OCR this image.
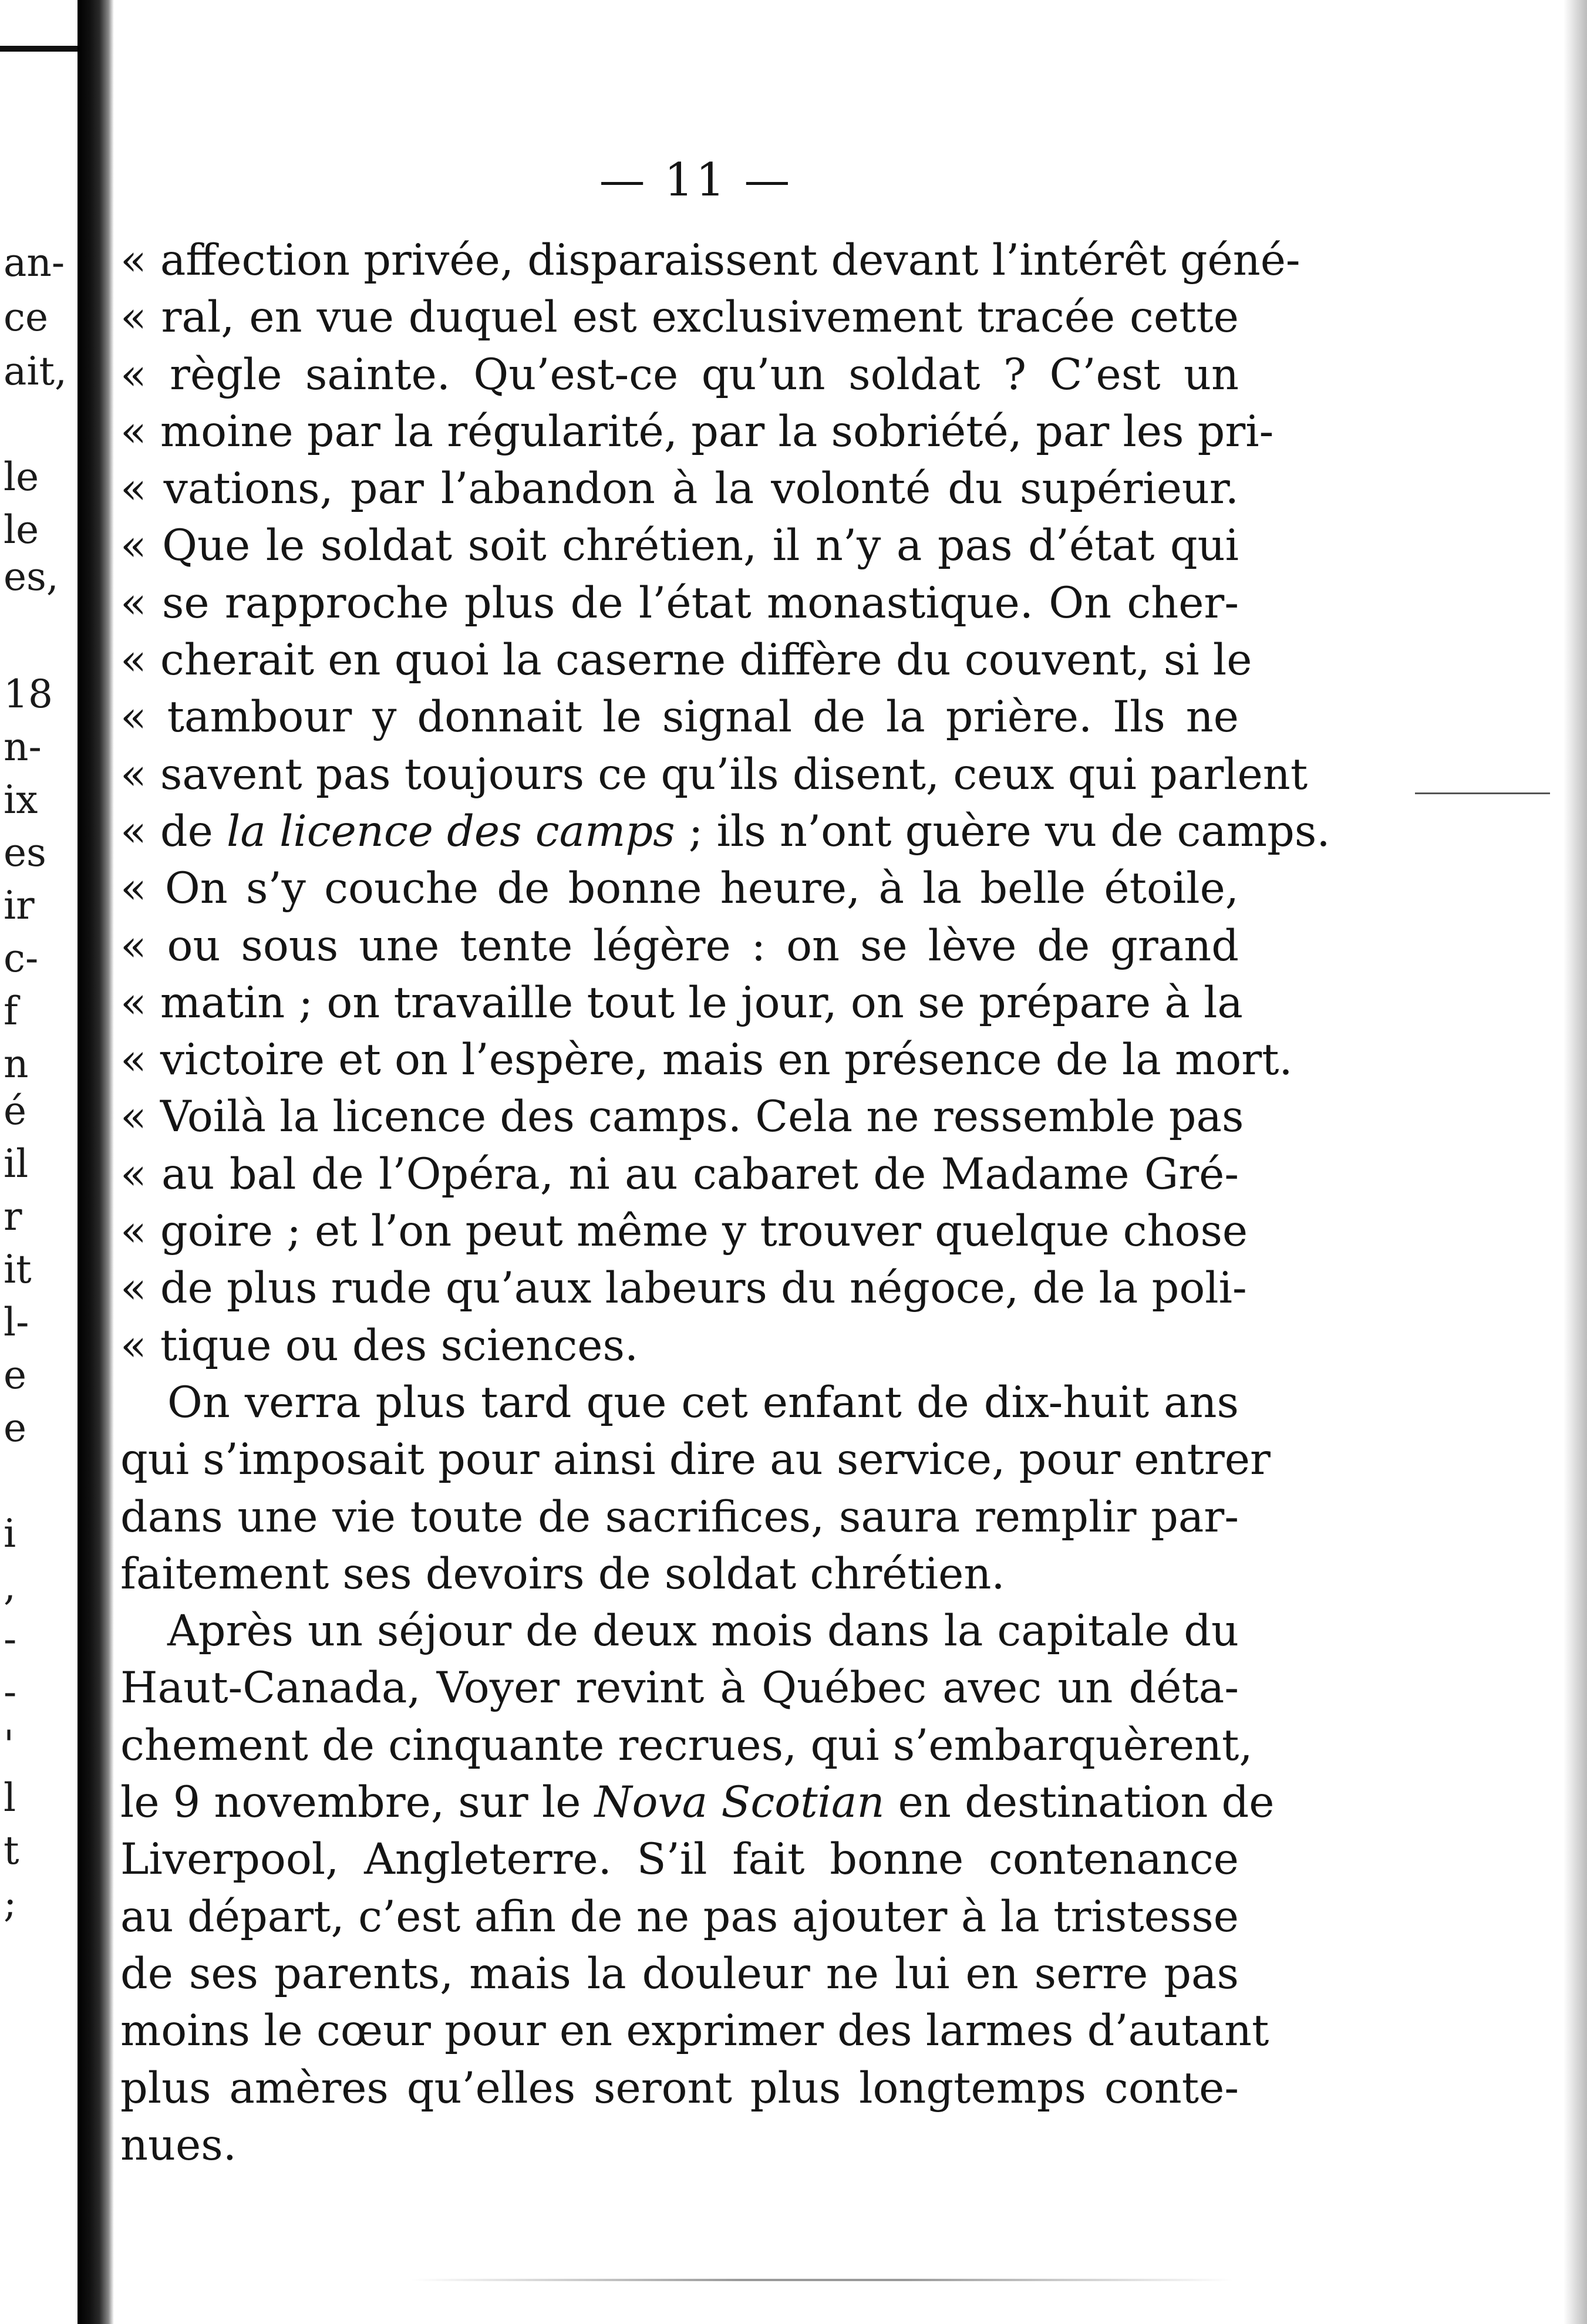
an-
ce
ait,
le
le
es,
18
n-
ix
es
ir
c-
f
n
é
il
r
it
l-
e
e
i
,
-
-
'
l
t
;
— 11 —
« affection privée, disparaissent devant l’intérêt géné-
« ral, en vue duquel est exclusivement tracée cette
« règle sainte. Qu’est-ce qu’un soldat ? C’est un
« moine par la régularité, par la sobriété, par les pri-
« vations, par l’abandon à la volonté du supérieur.
« Que le soldat soit chrétien, il n’y a pas d’état qui
« se rapproche plus de l’état monastique. On cher-
« cherait en quoi la caserne diffère du couvent, si le
« tambour y donnait le signal de la prière. Ils ne
« savent pas toujours ce qu’ils disent, ceux qui parlent
« de la licence des camps ; ils n’ont guère vu de camps.
« On s’y couche de bonne heure, à la belle étoile,
« ou sous une tente légère : on se lève de grand
« matin ; on travaille tout le jour, on se prépare à la
« victoire et on l’espère, mais en présence de la mort.
« Voilà la licence des camps. Cela ne ressemble pas
« au bal de l’Opéra, ni au cabaret de Madame Gré-
« goire ; et l’on peut même y trouver quelque chose
« de plus rude qu’aux labeurs du négoce, de la poli-
« tique ou des sciences.
On verra plus tard que cet enfant de dix-huit ans
qui s’imposait pour ainsi dire au service, pour entrer
dans une vie toute de sacrifices, saura remplir par-
faitement ses devoirs de soldat chrétien.
Après un séjour de deux mois dans la capitale du
Haut-Canada, Voyer revint à Québec avec un déta-
chement de cinquante recrues, qui s’embarquèrent,
le 9 novembre, sur le Nova Scotian en destination de
Liverpool, Angleterre. S’il fait bonne contenance
au départ, c’est afin de ne pas ajouter à la tristesse
de ses parents, mais la douleur ne lui en serre pas
moins le cœur pour en exprimer des larmes d’autant
plus amères qu’elles seront plus longtemps conte-
nues.
